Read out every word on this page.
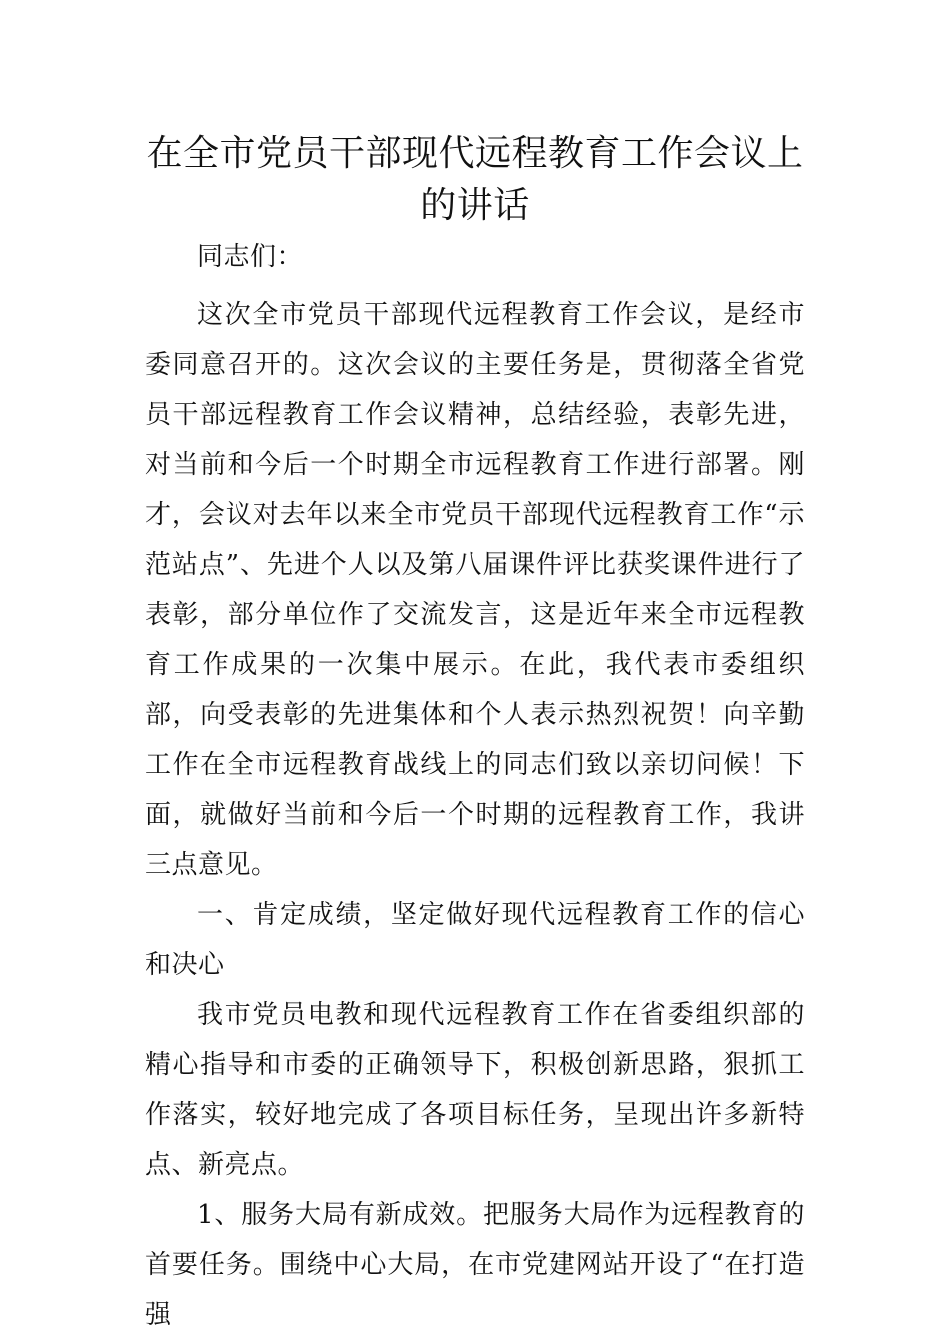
在全市党员干部现代远程教育工作会议上的讲话

同志们：

这次全市党员干部现代远程教育工作会议，是经市委同意召开的。这次会议的主要任务是，贯彻落全省党员干部远程教育工作会议精神，总结经验，表彰先进，对当前和今后一个时期全市远程教育工作进行部署。刚才，会议对去年以来全市党员干部现代远程教育工作“示范站点”、先进个人以及第八届课件评比获奖课件进行了表彰，部分单位作了交流发言，这是近年来全市远程教育工作成果的一次集中展示。在此，我代表市委组织部，向受表彰的先进集体和个人表示热烈祝贺！向辛勤工作在全市远程教育战线上的同志们致以亲切问候！下面，就做好当前和今后一个时期的远程教育工作，我讲三点意见。

一、肯定成绩，坚定做好现代远程教育工作的信心和决心

我市党员电教和现代远程教育工作在省委组织部的精心指导和市委的正确领导下，积极创新思路，狠抓工作落实，较好地完成了各项目标任务，呈现出许多新特点、新亮点。

1、服务大局有新成效。把服务大局作为远程教育的首要任务。围绕中心大局，在市党建网站开设了“在打造强
